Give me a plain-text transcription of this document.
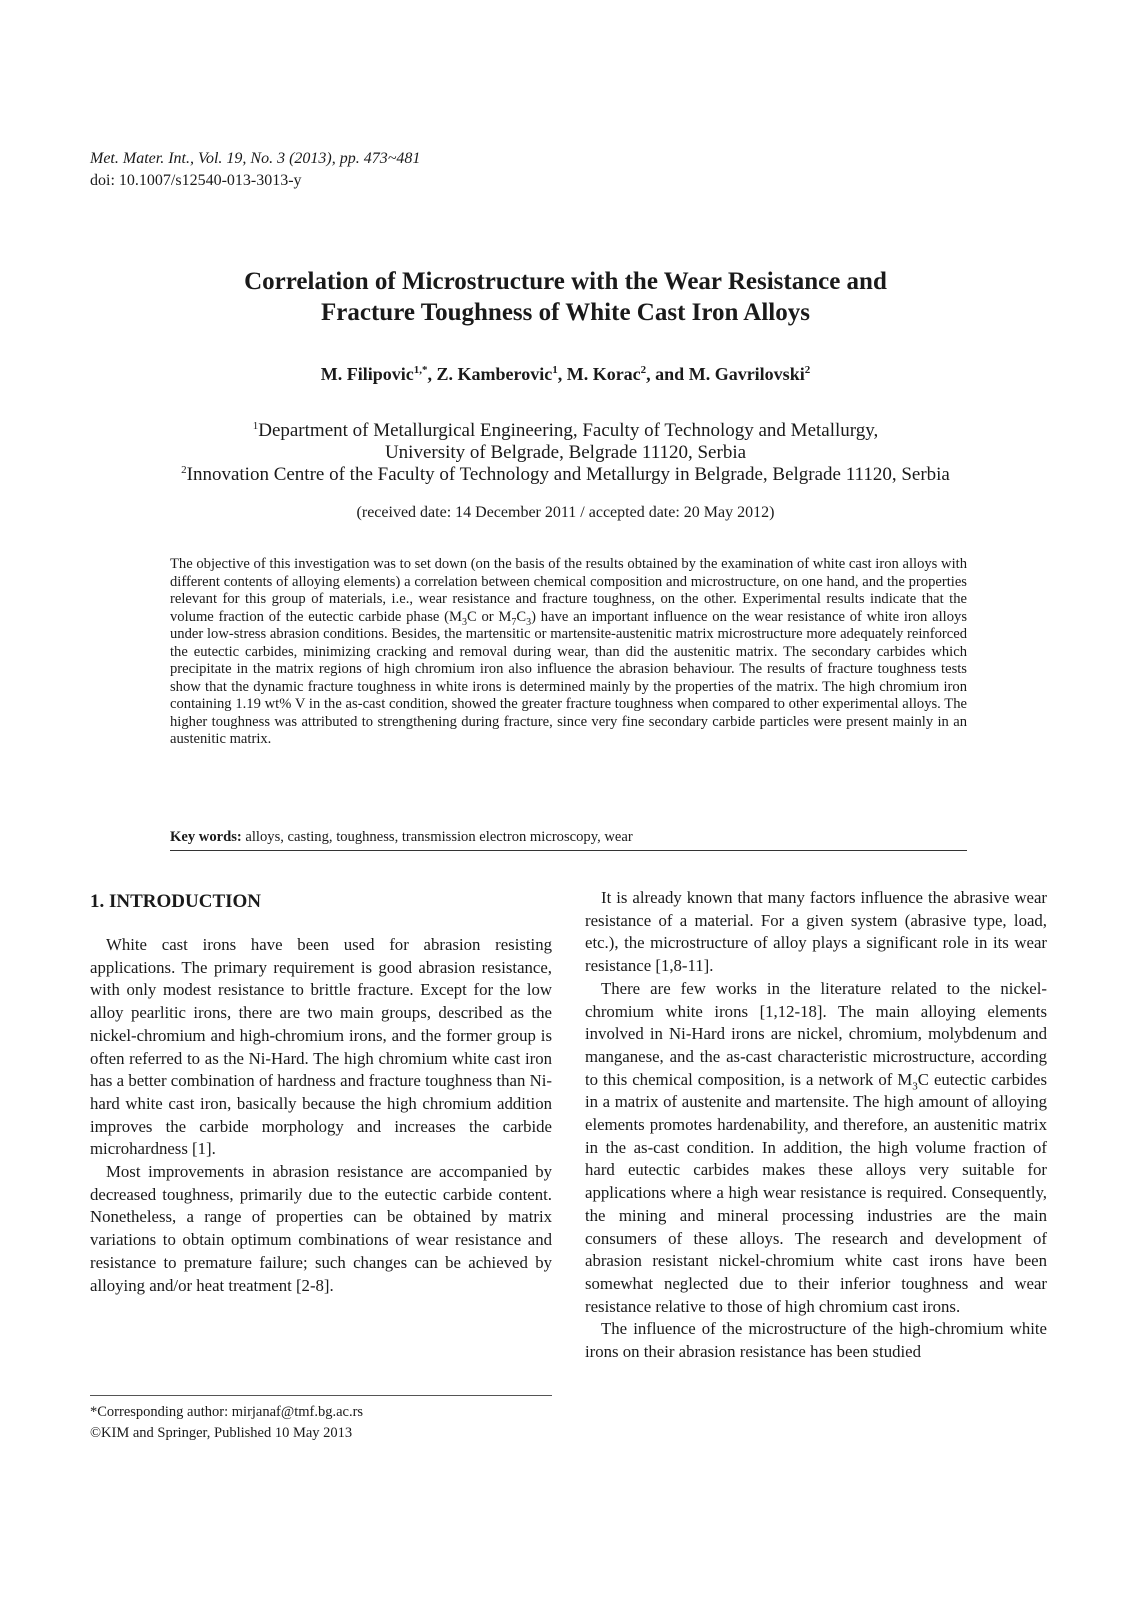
Met. Mater. Int., Vol. 19, No. 3 (2013), pp. 473~481
doi: 10.1007/s12540-013-3013-y
Correlation of Microstructure with the Wear Resistance and
Fracture Toughness of White Cast Iron Alloys
M. Filipovic$^{1,*}$, Z. Kamberovic$^1$, M. Korac$^2$, and M. Gavrilovski$^2$
$^1$Department of Metallurgical Engineering, Faculty of Technology and Metallurgy,
University of Belgrade, Belgrade 11120, Serbia
$^2$Innovation Centre of the Faculty of Technology and Metallurgy in Belgrade, Belgrade 11120, Serbia
(received date: 14 December 2011 / accepted date: 20 May 2012)

The objective of this investigation was to set down (on the basis of the results obtained by the examination of white cast iron alloys with different contents of alloying elements) a correlation between chemical composition and microstructure, on one hand, and the properties relevant for this group of materials, i.e., wear resistance and fracture toughness, on the other. Experimental results indicate that the volume fraction of the eutectic carbide phase ($M_3C$ or $M_7C_3$) have an important influence on the wear resistance of white iron alloys under low-stress abrasion conditions. Besides, the martensitic or martensite-austenitic matrix microstructure more adequately reinforced the eutectic carbides, minimizing cracking and removal during wear, than did the austenitic matrix. The secondary carbides which precipitate in the matrix regions of high chromium iron also influence the abrasion behaviour. The results of fracture toughness tests show that the dynamic fracture toughness in white irons is determined mainly by the properties of the matrix. The high chromium iron containing 1.19 wt% V in the as-cast condition, showed the greater fracture toughness when compared to other experimental alloys. The higher toughness was attributed to strengthening during fracture, since very fine secondary carbide particles were present mainly in an austenitic matrix.

Key words: alloys, casting, toughness, transmission electron microscopy, wear
1. INTRODUCTION

White cast irons have been used for abrasion resisting applications. The primary requirement is good abrasion resistance, with only modest resistance to brittle fracture. Except for the low alloy pearlitic irons, there are two main groups, described as the nickel-chromium and high-chromium irons, and the former group is often referred to as the Ni-Hard. The high chromium white cast iron has a better combination of hardness and fracture toughness than Ni-hard white cast iron, basically because the high chromium addition improves the carbide morphology and increases the carbide microhardness [1].

Most improvements in abrasion resistance are accompanied by decreased toughness, primarily due to the eutectic carbide content. Nonetheless, a range of properties can be obtained by matrix variations to obtain optimum combinations of wear resistance and resistance to premature failure; such changes can be achieved by alloying and/or heat treatment [2-8].

It is already known that many factors influence the abrasive wear resistance of a material. For a given system (abrasive type, load, etc.), the microstructure of alloy plays a significant role in its wear resistance [1,8-11].

There are few works in the literature related to the nickel-chromium white irons [1,12-18]. The main alloying elements involved in Ni-Hard irons are nickel, chromium, molybdenum and manganese, and the as-cast characteristic microstructure, according to this chemical composition, is a network of $M_3C$ eutectic carbides in a matrix of austenite and martensite. The high amount of alloying elements promotes hardenability, and therefore, an austenitic matrix in the as-cast condition. In addition, the high volume fraction of hard eutectic carbides makes these alloys very suitable for applications where a high wear resistance is required. Consequently, the mining and mineral processing industries are the main consumers of these alloys. The research and development of abrasion resistant nickel-chromium white cast irons have been somewhat neglected due to their inferior toughness and wear resistance relative to those of high chromium cast irons.

The influence of the microstructure of the high-chromium white irons on their abrasion resistance has been studied

*Corresponding author: mirjanaf@tmf.bg.ac.rs
©KIM and Springer, Published 10 May 2013
